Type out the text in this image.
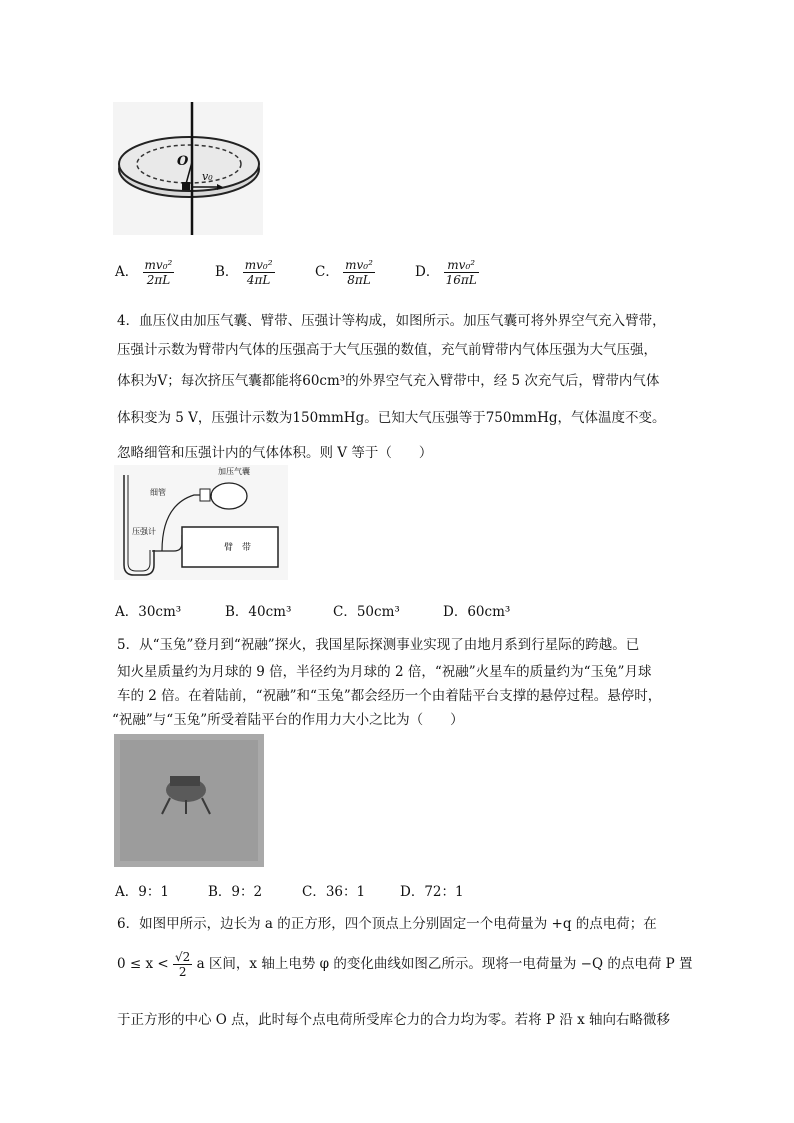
O
v₀
A． $\frac{\text{mv₀²}}{2\pi L}$	B． $\frac{\text{mv₀²}}{4\pi L}$	C． $\frac{\text{mv₀²}}{8\pi L}$	D． $\frac{\text{mv₀²}}{16\pi L}$
4．血压仪由加压气囊、臂带、压强计等构成，如图所示。加压气囊可将外界空气充入臂带，
压强计示数为臂带内气体的压强高于大气压强的数值，充气前臂带内气体压强为大气压强，
体积为V；每次挤压气囊都能将60cm³的外界空气充入臂带中，经 5 次充气后，臂带内气体
体积变为 5 V，压强计示数为150mmHg。已知大气压强等于750mmHg，气体温度不变。
忽略细管和压强计内的气体体积。则 V 等于（　　）
加压气囊
细管
压强计
臂　带
A．30cm³	B．40cm³	C．50cm³	D．60cm³
5．从“玉兔”登月到“祝融”探火，我国星际探测事业实现了由地月系到行星际的跨越。已
知火星质量约为月球的 9 倍，半径约为月球的 2 倍，“祝融”火星车的质量约为“玉兔”月球
车的 2 倍。在着陆前，“祝融”和“玉兔”都会经历一个由着陆平台支撑的悬停过程。悬停时，
“祝融”与“玉兔”所受着陆平台的作用力大小之比为（　　）
A．9：1	B．9：2	C．36：1	D．72：1
6．如图甲所示，边长为 a 的正方形，四个顶点上分别固定一个电荷量为 +q 的点电荷；在
$0 \le x < \frac{√2}{2}$ a 区间，x 轴上电势 φ 的变化曲线如图乙所示。现将一电荷量为 −Q 的点电荷 P 置
于正方形的中心 O 点，此时每个点电荷所受库仑力的合力均为零。若将 P 沿 x 轴向右略微移
